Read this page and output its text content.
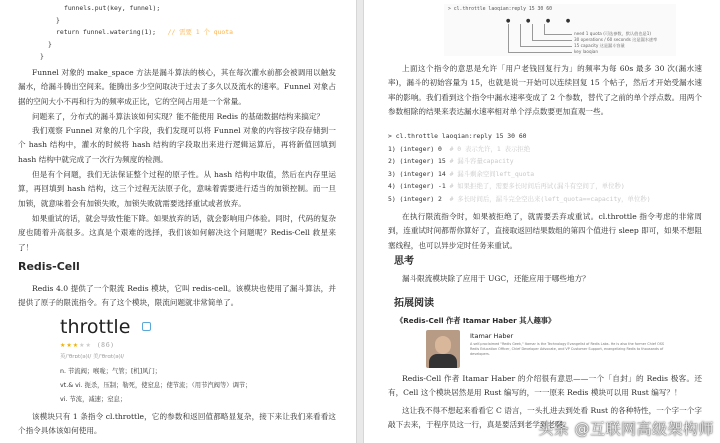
funnels.put(key, funnel);
}
return funnel.watering(1); // 需要 1 个 quota
}
}
Funnel 对象的 make_space 方法是漏斗算法的核心，其在每次灌水前都会被调用以触发漏水，给漏斗腾出空间来。能腾出多少空间取决于过去了多久以及流水的速率。Funnel 对象占据的空间大小不再和行为的频率成正比，它的空间占用是一个常量。
问题来了，分布式的漏斗算法该如何实现？能不能使用 Redis 的基础数据结构来搞定？
我们观察 Funnel 对象的几个字段，我们发现可以将 Funnel 对象的内容按字段存储到一个 hash 结构中，灌水的时候将 hash 结构的字段取出来进行逻辑运算后，再将新值回填到 hash 结构中就完成了一次行为频度的检测。
但是有个问题，我们无法保证整个过程的原子性。从 hash 结构中取值，然后在内存里运算，再回填到 hash 结构，这三个过程无法原子化，意味着需要进行适当的加锁控制。而一旦加锁，就意味着会有加锁失败，加锁失败就需要选择重试或者放弃。
如果重试的话，就会导致性能下降。如果放弃的话，就会影响用户体验。同时，代码的复杂度也随着升高很多。这真是个艰难的选择，我们该如何解决这个问题呢？Redis-Cell 救星来了！
Redis-Cell
Redis 4.0 提供了一个限流 Redis 模块，它叫 redis-cell。该模块也使用了漏斗算法，并提供了原子的限流指令。有了这个模块，限流问题就非常简单了。
throttle
★★★★★ (86)
英/'θrɒt(ə)l/ 美/'θrɑt(ə)l/
n. 节流阀；喉咙；气管；[机]风门；
vt.& vi. 扼杀，压制；勒死，使窒息；使节流；（用节汽阀等）调节；
vi. 节流，减速；窒息；
该模块只有 1 条指令 cl.throttle，它的参数和返回值都略显复杂，接下来让我们来看看这个指令具体该如何使用。
> cl.throttle laoqian:reply 15 30 60
● ● ● ●
need 1 quota (可选参数，默认值也是1)
30 operations / 60 seconds 这是漏水速率
15 capacity 这是漏斗容量
key laoqian
上面这个指令的意思是允许「用户老钱回复行为」的频率为每 60s 最多 30 次(漏水速率)，漏斗的初始容量为 15，也就是说一开始可以连续回复 15 个帖子，然后才开始受漏水速率的影响。我们看到这个指令中漏水速率变成了 2 个参数，替代了之前的单个浮点数。用两个参数相除的结果来表达漏水速率相对单个浮点数要更加直观一些。
> cl.throttle laoqian:reply 15 30 60
1) (integer) 0 # 0 表示允许，1 表示拒绝
2) (integer) 15 # 漏斗容量capacity
3) (integer) 14 # 漏斗剩余空间left_quota
4) (integer) -1 # 如果拒绝了，需要多长时间后再试(漏斗有空间了，单位秒)
5) (integer) 2 # 多长时间后，漏斗完全空出来(left_quota==capacity，单位秒)
在执行限流指令时，如果被拒绝了，就需要丢弃或重试。cl.throttle 指令考虑的非常周到，连重试时间都帮你算好了，直接取返回结果数组的第四个值进行 sleep 即可，如果不想阻塞线程，也可以异步定时任务来重试。
思考
漏斗限流模块除了应用于 UGC，还能应用于哪些地方？
拓展阅读
《Redis-Cell 作者 Itamar Haber 其人趣事》
Itamar Haber
A self-proclaimed "Redis Geek," Itamar is the Technology Evangelist of Redis Labs. He is also the former Chief OSS Redis Education Officer, Chief Developer Advocate, and VP Customer Support, evangelizing Redis to thousands of developers.
Redis-Cell 作者 Itamar Haber 的介绍很有意思——一个「自封」的 Redis 极客。还有，Cell 这个模块居然是用 Rust 编写的，一一原来 Redis 模块可以用 Rust 编写？！
这让我不得不想起来看看它 C 语言，一头扎进去到处看 Rust 的各种特性，一个字一个字敲下去来，于程序员这一行，真是要活到老学到老啊。
头条 @互联网高级架构师
